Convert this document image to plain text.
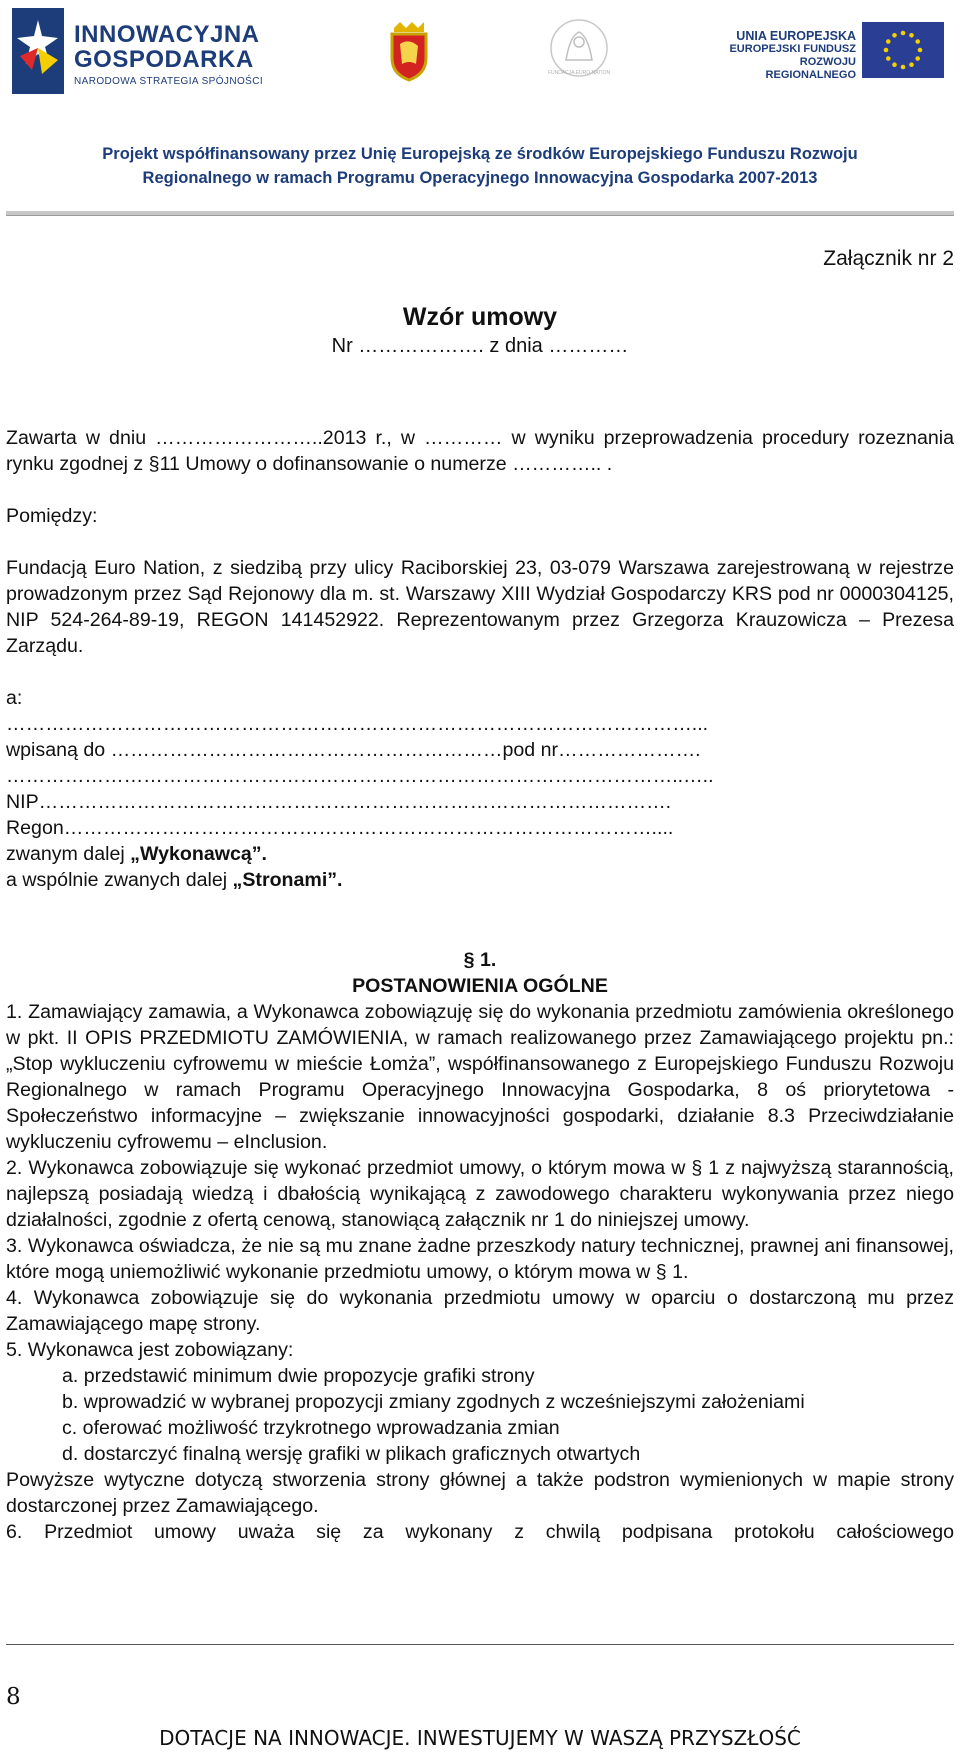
INNOWACYJNA
GOSPODARKA
NARODOWA STRATEGIA SPÓJNOŚCI
FUNDACJA EURO NATION
UNIA EUROPEJSKA
EUROPEJSKI FUNDUSZ
ROZWOJU REGIONALNEGO
Projekt współfinansowany przez Unię Europejską ze środków Europejskiego Funduszu Rozwoju
Regionalnego w ramach Programu Operacyjnego Innowacyjna Gospodarka 2007-2013
Załącznik nr 2
Wzór umowy
Nr ………………. z dnia …………
Zawarta w dniu ……………………..2013 r., w ………… w wyniku przeprowadzenia procedury rozeznania rynku zgodnej z §11 Umowy o dofinansowanie o numerze ………….. .
Pomiędzy:
Fundacją Euro Nation, z siedzibą przy ulicy Raciborskiej 23, 03-079 Warszawa zarejestrowaną w rejestrze prowadzonym przez Sąd Rejonowy dla m. st. Warszawy XIII Wydział Gospodarczy KRS pod nr 0000304125, NIP 524-264-89-19, REGON 141452922. Reprezentowanym przez Grzegorza Krauzowicza – Prezesa Zarządu.
a:
……………………………………………………………………………………………...
wpisaną do ……………………………………………………pod nr………………….
…………………………………………………………………………………………..…..
NIP…………………………………………………………………………………….
Regon………………………………………………………………………………....
zwanym dalej „Wykonawcą”.
a wspólnie zwanych dalej „Stronami”.
§ 1.
POSTANOWIENIA OGÓLNE
1. Zamawiający zamawia, a Wykonawca zobowiązuję się do wykonania przedmiotu zamówienia określonego w pkt. II OPIS PRZEDMIOTU ZAMÓWIENIA, w ramach realizowanego przez Zamawiającego projektu pn.: „Stop wykluczeniu cyfrowemu w mieście Łomża”, współfinansowanego z Europejskiego Funduszu Rozwoju Regionalnego w ramach Programu Operacyjnego Innowacyjna Gospodarka, 8 oś priorytetowa - Społeczeństwo informacyjne – zwiększanie innowacyjności gospodarki, działanie 8.3 Przeciwdziałanie wykluczeniu cyfrowemu – eInclusion.
2. Wykonawca zobowiązuje się wykonać przedmiot umowy, o którym mowa w § 1 z najwyższą starannością, najlepszą posiadają wiedzą i dbałością wynikającą z zawodowego charakteru wykonywania przez niego działalności, zgodnie z ofertą cenową, stanowiącą załącznik nr 1 do niniejszej umowy.
3. Wykonawca oświadcza, że nie są mu znane żadne przeszkody natury technicznej, prawnej ani finansowej, które mogą uniemożliwić wykonanie przedmiotu umowy, o którym mowa w § 1.
4. Wykonawca zobowiązuje się do wykonania przedmiotu umowy w oparciu o dostarczoną mu przez Zamawiającego mapę strony.
5. Wykonawca jest zobowiązany:
a. przedstawić minimum dwie propozycje grafiki strony
b. wprowadzić w wybranej propozycji zmiany zgodnych z wcześniejszymi założeniami
c. oferować możliwość trzykrotnego wprowadzania zmian
d. dostarczyć finalną wersję grafiki w plikach graficznych otwartych
Powyższe wytyczne dotyczą stworzenia strony głównej a także podstron wymienionych w mapie strony dostarczonej przez Zamawiającego.
6. Przedmiot umowy uważa się za wykonany z chwilą podpisana protokołu całościowego
8
DOTACJE NA INNOWACJE. INWESTUJEMY W WASZĄ PRZYSZŁOŚĆ
